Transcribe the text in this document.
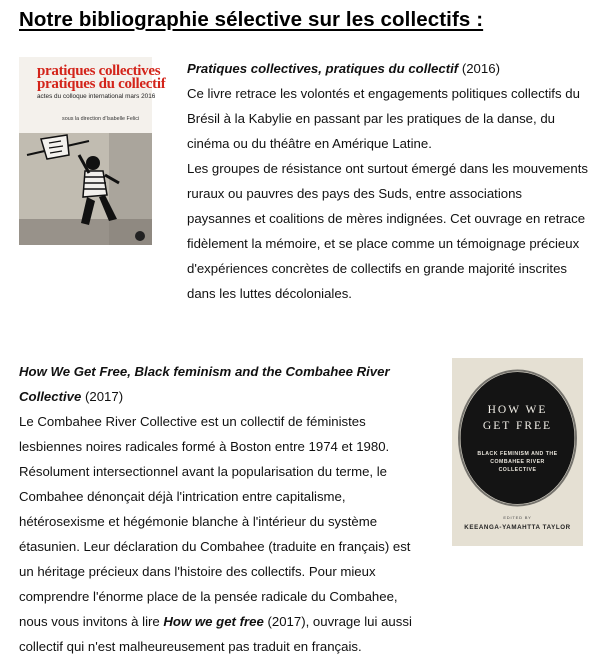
Notre bibliographie sélective sur les collectifs :
pratiques collectives
pratiques du collectif
actes du colloque international mars 2016
sous la direction d'Isabelle Felici
Pratiques collectives, pratiques du collectif (2016)
Ce livre retrace les volontés et engagements politiques collectifs du
Brésil à la Kabylie en passant par les pratiques de la danse, du
cinéma ou du théâtre en Amérique Latine.
Les groupes de résistance ont surtout émergé dans les mouvements
ruraux ou pauvres des pays des Suds, entre associations
paysannes et coalitions de mères indignées. Cet ouvrage en retrace
fidèlement la mémoire, et se place comme un témoignage précieux
d'expériences concrètes de collectifs en grande majorité inscrites
dans les luttes décoloniales.
How We Get Free, Black feminism and the Combahee River
Collective (2017)
Le Combahee River Collective est un collectif de féministes
lesbiennes noires radicales formé à Boston entre 1974 et 1980.
Résolument intersectionnel avant la popularisation du terme, le
Combahee dénonçait déjà l'intrication entre capitalisme,
hétérosexisme et hégémonie blanche à l'intérieur du système
étasunien. Leur déclaration du Combahee (traduite en français) est
un héritage précieux dans l'histoire des collectifs. Pour mieux
comprendre l'énorme place de la pensée radicale du Combahee,
nous vous invitons à lire How we get free (2017), ouvrage lui aussi
collectif qui n'est malheureusement pas traduit en français.
HOW WE
GET FREE
BLACK FEMINISM AND THE
COMBAHEE RIVER
COLLECTIVE
EDITED BY
KEEANGA-YAMAHTTA TAYLOR
